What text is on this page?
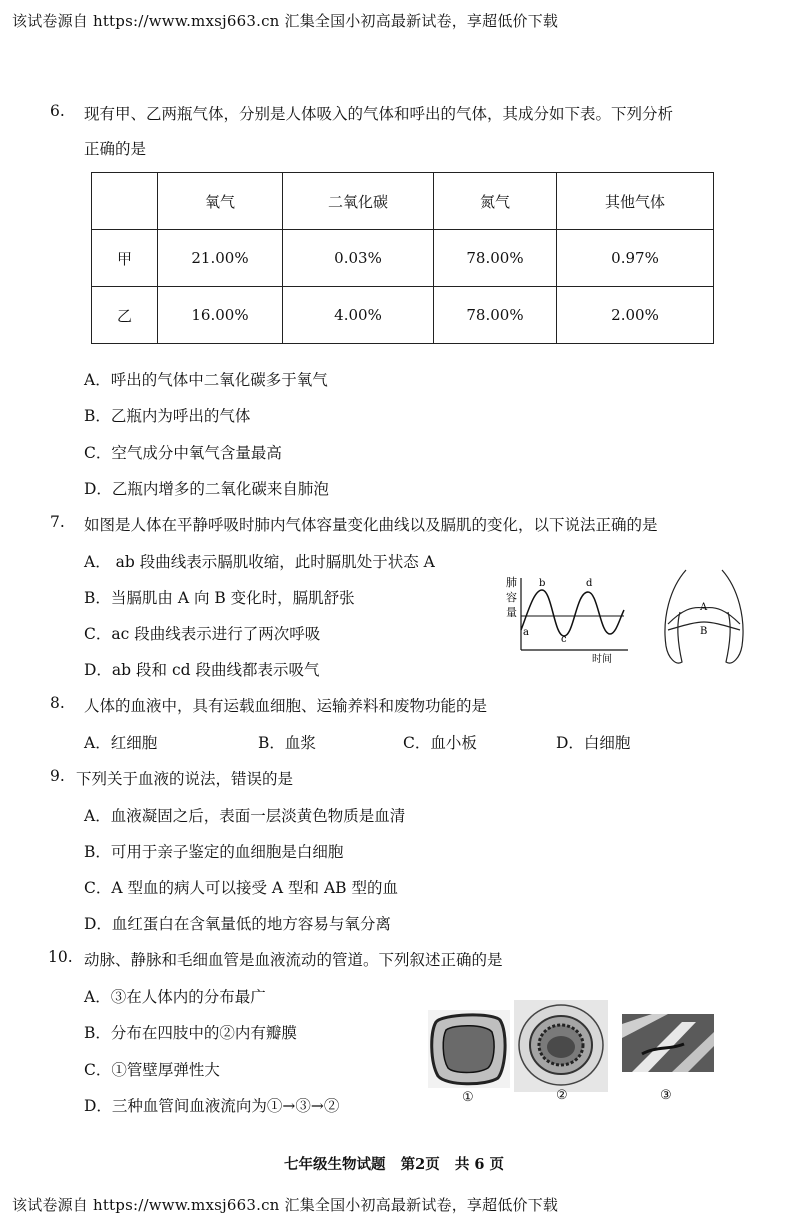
该试卷源自 https://www.mxsj663.cn 汇集全国小初高最新试卷，享超低价下载
6. 现有甲、乙两瓶气体，分别是人体吸入的气体和呼出的气体，其成分如下表。下列分析
正确的是
	氧气	二氧化碳	氮气	其他气体
甲	21.00%	0.03%	78.00%	0.97%
乙	16.00%	4.00%	78.00%	2.00%
A．呼出的气体中二氧化碳多于氧气
B．乙瓶内为呼出的气体
C．空气成分中氧气含量最高
D．乙瓶内增多的二氧化碳来自肺泡
7. 如图是人体在平静呼吸时肺内气体容量变化曲线以及膈肌的变化，以下说法正确的是
A． ab 段曲线表示膈肌收缩，此时膈肌处于状态 A
B．当膈肌由 A 向 B 变化时，膈肌舒张
C．ac 段曲线表示进行了两次呼吸
D．ab 段和 cd 段曲线都表示吸气
肺
容
量
a
b
c
d
时间
A
B
8. 人体的血液中，具有运载血细胞、运输养料和废物功能的是
A．红细胞	B．血浆	C．血小板	D．白细胞
9. 下列关于血液的说法，错误的是
A．血液凝固之后，表面一层淡黄色物质是血清
B．可用于亲子鉴定的血细胞是白细胞
C．A 型血的病人可以接受 A 型和 AB 型的血
D．血红蛋白在含氧量低的地方容易与氧分离
10. 动脉、静脉和毛细血管是血液流动的管道。下列叙述正确的是
A．③在人体内的分布最广
B．分布在四肢中的②内有瓣膜
C．①管壁厚弹性大
D．三种血管间血液流向为①→③→②	①	②	③
七年级生物试题   第2页   共 6 页
该试卷源自 https://www.mxsj663.cn 汇集全国小初高最新试卷，享超低价下载
